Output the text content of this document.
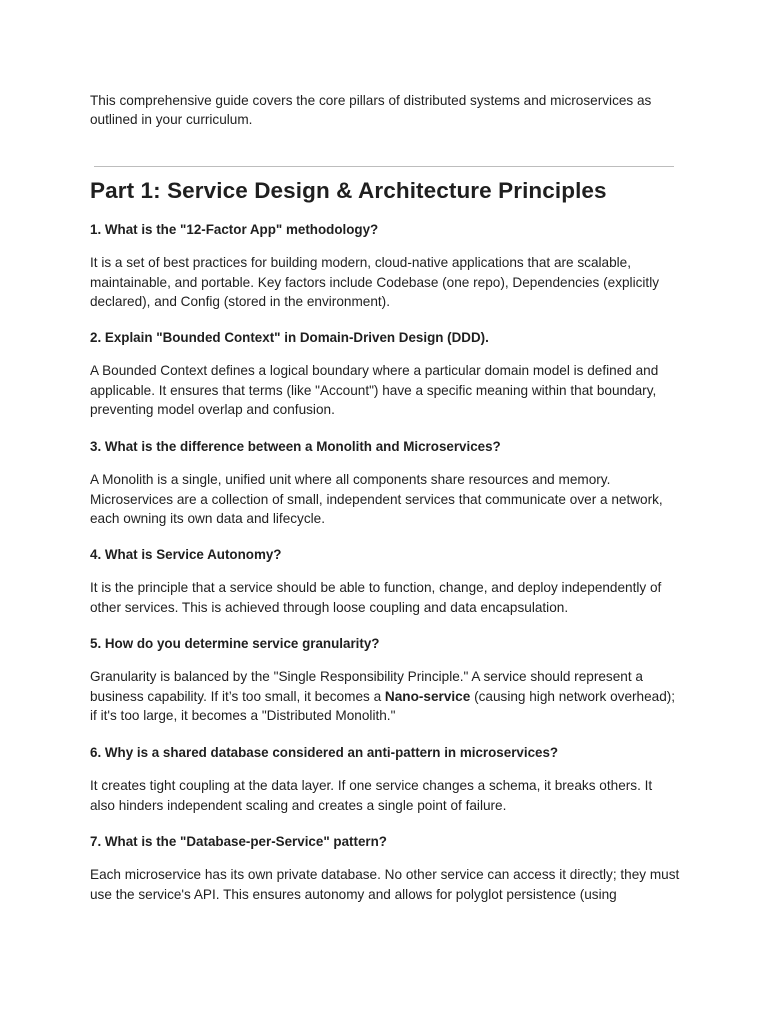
This comprehensive guide covers the core pillars of distributed systems and microservices as outlined in your curriculum.

Part 1: Service Design & Architecture Principles

1. What is the "12-Factor App" methodology?

It is a set of best practices for building modern, cloud-native applications that are scalable, maintainable, and portable. Key factors include Codebase (one repo), Dependencies (explicitly declared), and Config (stored in the environment).

2. Explain "Bounded Context" in Domain-Driven Design (DDD).

A Bounded Context defines a logical boundary where a particular domain model is defined and applicable. It ensures that terms (like "Account") have a specific meaning within that boundary, preventing model overlap and confusion.

3. What is the difference between a Monolith and Microservices?

A Monolith is a single, unified unit where all components share resources and memory. Microservices are a collection of small, independent services that communicate over a network, each owning its own data and lifecycle.

4. What is Service Autonomy?

It is the principle that a service should be able to function, change, and deploy independently of other services. This is achieved through loose coupling and data encapsulation.

5. How do you determine service granularity?

Granularity is balanced by the "Single Responsibility Principle." A service should represent a business capability. If it’s too small, it becomes a Nano-service (causing high network overhead); if it's too large, it becomes a "Distributed Monolith."

6. Why is a shared database considered an anti-pattern in microservices?

It creates tight coupling at the data layer. If one service changes a schema, it breaks others. It also hinders independent scaling and creates a single point of failure.

7. What is the "Database-per-Service" pattern?

Each microservice has its own private database. No other service can access it directly; they must use the service's API. This ensures autonomy and allows for polyglot persistence (using
